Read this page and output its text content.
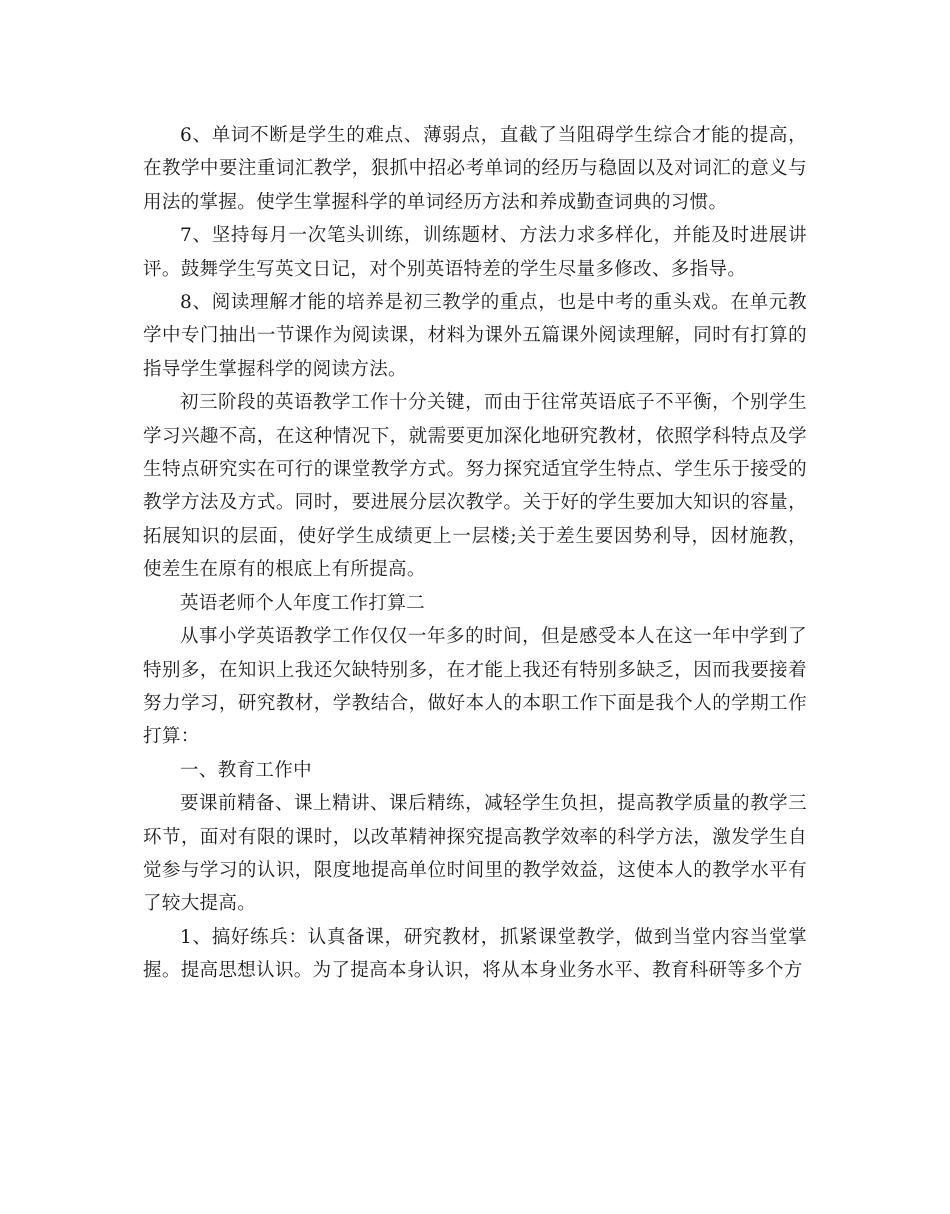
6、单词不断是学生的难点、薄弱点，直截了当阻碍学生综合才能的提高，在教学中要注重词汇教学，狠抓中招必考单词的经历与稳固以及对词汇的意义与用法的掌握。使学生掌握科学的单词经历方法和养成勤查词典的习惯。

7、坚持每月一次笔头训练，训练题材、方法力求多样化，并能及时进展讲评。鼓舞学生写英文日记，对个别英语特差的学生尽量多修改、多指导。

8、阅读理解才能的培养是初三教学的重点，也是中考的重头戏。在单元教学中专门抽出一节课作为阅读课，材料为课外五篇课外阅读理解，同时有打算的指导学生掌握科学的阅读方法。

初三阶段的英语教学工作十分关键，而由于往常英语底子不平衡，个别学生学习兴趣不高，在这种情况下，就需要更加深化地研究教材，依照学科特点及学生特点研究实在可行的课堂教学方式。努力探究适宜学生特点、学生乐于接受的教学方法及方式。同时，要进展分层次教学。关于好的学生要加大知识的容量，拓展知识的层面，使好学生成绩更上一层楼;关于差生要因势利导，因材施教，使差生在原有的根底上有所提高。

英语老师个人年度工作打算二

从事小学英语教学工作仅仅一年多的时间，但是感受本人在这一年中学到了特别多，在知识上我还欠缺特别多，在才能上我还有特别多缺乏，因而我要接着努力学习，研究教材，学教结合，做好本人的本职工作下面是我个人的学期工作打算：

一、教育工作中

要课前精备、课上精讲、课后精练，减轻学生负担，提高教学质量的教学三环节，面对有限的课时，以改革精神探究提高教学效率的科学方法，激发学生自觉参与学习的认识，限度地提高单位时间里的教学效益，这使本人的教学水平有了较大提高。

1、搞好练兵：认真备课，研究教材，抓紧课堂教学，做到当堂内容当堂掌握。提高思想认识。为了提高本身认识，将从本身业务水平、教育科研等多个方
